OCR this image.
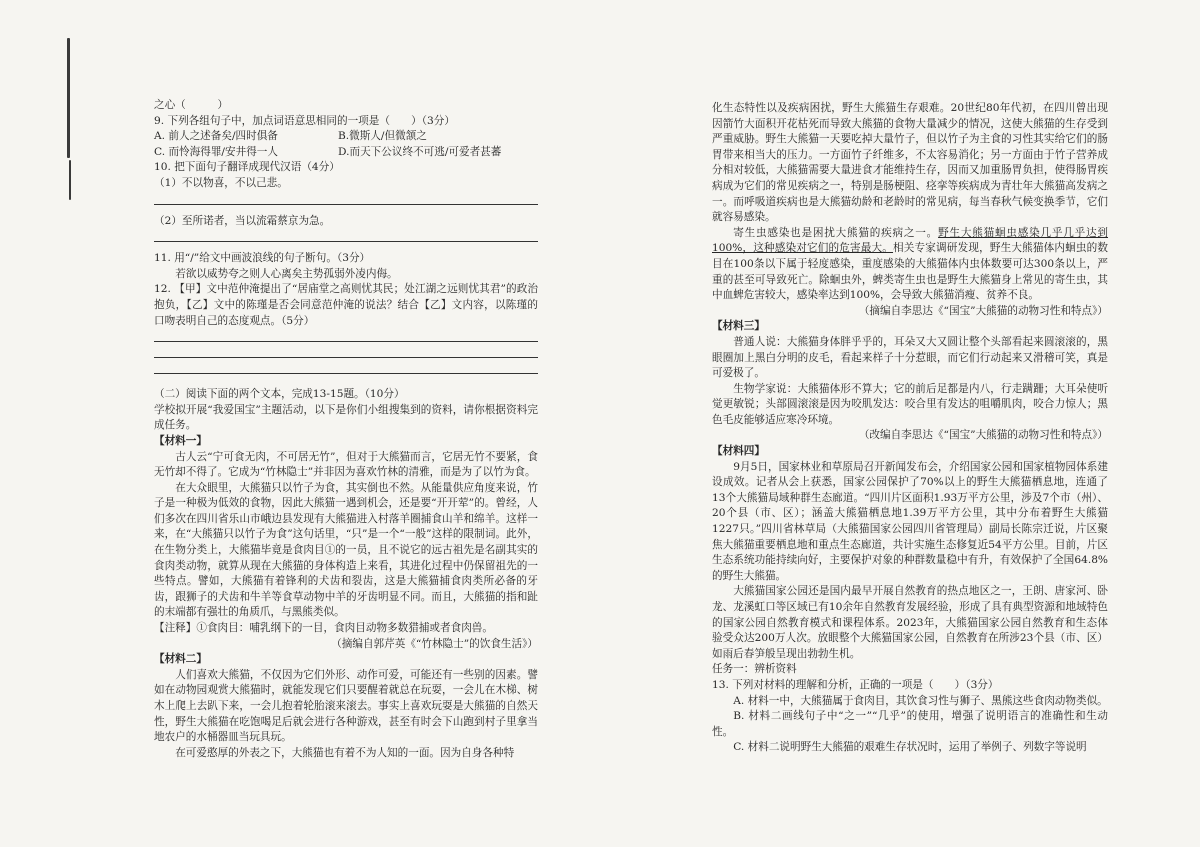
之心（　　　）

9. 下列各组句子中，加点词语意思相同的一项是（　　）（3分）

A. 前人之述备矣/四时俱备	B.微斯人/但微颔之
C. 而怜海得罪/安井得一人	D.而天下公议终不可逃/可爱者甚蕃

10. 把下面句子翻译成现代汉语（4分）

（1）不以物喜，不以己悲。

（2）至所诺者，当以流霜蔡京为急。

11. 用“/”给文中画波浪线的句子断句。（3分）

若欲以威势夸之则人心离矣主势孤弱外凌内侮。

12. 【甲】文中范仲淹提出了“居庙堂之高则忧其民；处江湖之远则忧其君”的政治抱负，【乙】文中的陈瑾是否会同意范仲淹的说法？结合【乙】文内容，以陈瑾的口吻表明自己的态度观点。（5分）

（二）阅读下面的两个文本，完成13-15题。（10分）

学校拟开展“我爱国宝”主题活动，以下是你们小组搜集到的资料，请你根据资料完成任务。

【材料一】

古人云“宁可食无肉，不可居无竹”，但对于大熊猫而言，它居无竹不要紧，食无竹却不得了。它成为“竹林隐士”并非因为喜欢竹林的清雅，而是为了以竹为食。

在大众眼里，大熊猫只以竹子为食，其实倒也不然。从能量供应角度来说，竹子是一种极为低效的食物，因此大熊猫一遇到机会，还是要“开开荤”的。曾经，人们多次在四川省乐山市峨边县发现有大熊猫进入村落羊圈捕食山羊和绵羊。这样一来，在“大熊猫只以竹子为食”这句话里，“只”是一个“一般”这样的限制词。此外，在生物分类上，大熊猫毕竟是食肉目①的一员，且不说它的远古祖先是名副其实的食肉类动物，就算从现在大熊猫的身体构造上来看，其进化过程中仍保留祖先的一些特点。譬如，大熊猫有着锋利的犬齿和裂齿，这是大熊猫捕食肉类所必备的牙齿，跟狮子的犬齿和牛羊等食草动物中羊的牙齿明显不同。而且，大熊猫的指和趾的末端都有强壮的角质爪，与黑熊类似。

【注释】①食肉目：哺乳纲下的一目，食肉目动物多数猎捕或者食肉兽。

（摘编自郭芹英《“竹林隐士”的饮食生活》）

【材料二】

人们喜欢大熊猫，不仅因为它们外形、动作可爱，可能还有一些别的因素。譬如在动物园观赏大熊猫时，就能发现它们只要醒着就总在玩耍，一会儿在木梯、树木上爬上去趴下来，一会儿抱着轮胎滚来滚去。事实上喜欢玩耍是大熊猫的自然天性，野生大熊猫在吃饱喝足后就会进行各种游戏，甚至有时会下山跑到村子里拿当地农户的水桶器皿当玩具玩。

在可爱憨厚的外表之下，大熊猫也有着不为人知的一面。因为自身各种特

化生态特性以及疾病困扰，野生大熊猫生存艰难。20世纪80年代初，在四川曾出现因箭竹大面积开花枯死而导致大熊猫的食物大量减少的情况，这使大熊猫的生存受到严重威胁。野生大熊猫一天要吃掉大量竹子，但以竹子为主食的习性其实给它们的肠胃带来相当大的压力。一方面竹子纤维多，不太容易消化；另一方面由于竹子营养成分相对较低，大熊猫需要大量进食才能维持生存，因而又加重肠胃负担，使得肠胃疾病成为它们的常见疾病之一，特别是肠梗阻、痉挛等疾病成为青壮年大熊猫高发病之一。而呼吸道疾病也是大熊猫幼龄和老龄时的常见病，每当春秋气候变换季节，它们就容易感染。

寄生虫感染也是困扰大熊猫的疾病之一。野生大熊猫蛔虫感染几乎几乎达到100%，这种感染对它们的危害最大。相关专家调研发现，野生大熊猫体内蛔虫的数目在100条以下属于轻度感染，重度感染的大熊猫体内虫体数要可达300条以上，严重的甚至可导致死亡。除蛔虫外，蜱类寄生虫也是野生大熊猫身上常见的寄生虫，其中血蜱危害较大，感染率达到100%，会导致大熊猫消瘦、贫养不良。

（摘编自李思达《“国宝”大熊猫的动物习性和特点》）

【材料三】

普通人说：大熊猫身体胖乎乎的，耳朵又大又圆让整个头部看起来圆滚滚的，黑眼圈加上黑白分明的皮毛，看起来样子十分惹眼，而它们行动起来又滑稽可笑，真是可爱极了。

生物学家说：大熊猫体形不算大；它的前后足都是内八，行走蹒跚；大耳朵使听觉更敏锐；头部圆滚滚是因为咬肌发达：咬合里有发达的咀嚼肌肉，咬合力惊人；黑色毛皮能够适应寒冷环境。

（改编自李思达《“国宝”大熊猫的动物习性和特点》）

【材料四】

9月5日，国家林业和草原局召开新闻发布会，介绍国家公园和国家植物园体系建设成效。记者从会上获悉，国家公园保护了70%以上的野生大熊猫栖息地，连通了13个大熊猫局域种群生态廊道。“四川片区面积1.93万平方公里，涉及7个市（州）、20个县（市、区）；涵盖大熊猫栖息地1.39万平方公里，其中分布着野生大熊猫1227只。”四川省林草局（大熊猫国家公园四川省管理局）副局长陈宗迁说，片区聚焦大熊猫重要栖息地和重点生态廊道，共计实施生态修复近54平方公里。目前，片区生态系统功能持续向好，主要保护对象的种群数量稳中有升，有效保护了全国64.8%的野生大熊猫。

大熊猫国家公园还是国内最早开展自然教育的热点地区之一，王朗、唐家河、卧龙、龙溪虹口等区域已有10余年自然教育发展经验，形成了具有典型资源和地域特色的国家公园自然教育模式和课程体系。2023年，大熊猫国家公园自然教育和生态体验受众达200万人次。放眼整个大熊猫国家公园，自然教育在所涉23个县（市、区）如雨后春笋般呈现出勃勃生机。

任务一：辨析资料

13. 下列对材料的理解和分析，正确的一项是（　　）（3分）

A. 材料一中，大熊猫属于食肉目，其饮食习性与狮子、黑熊这些食肉动物类似。

B. 材料二画线句子中“之一”“几乎”的使用，增强了说明语言的准确性和生动性。

C. 材料二说明野生大熊猫的艰难生存状况时，运用了举例子、列数字等说明
